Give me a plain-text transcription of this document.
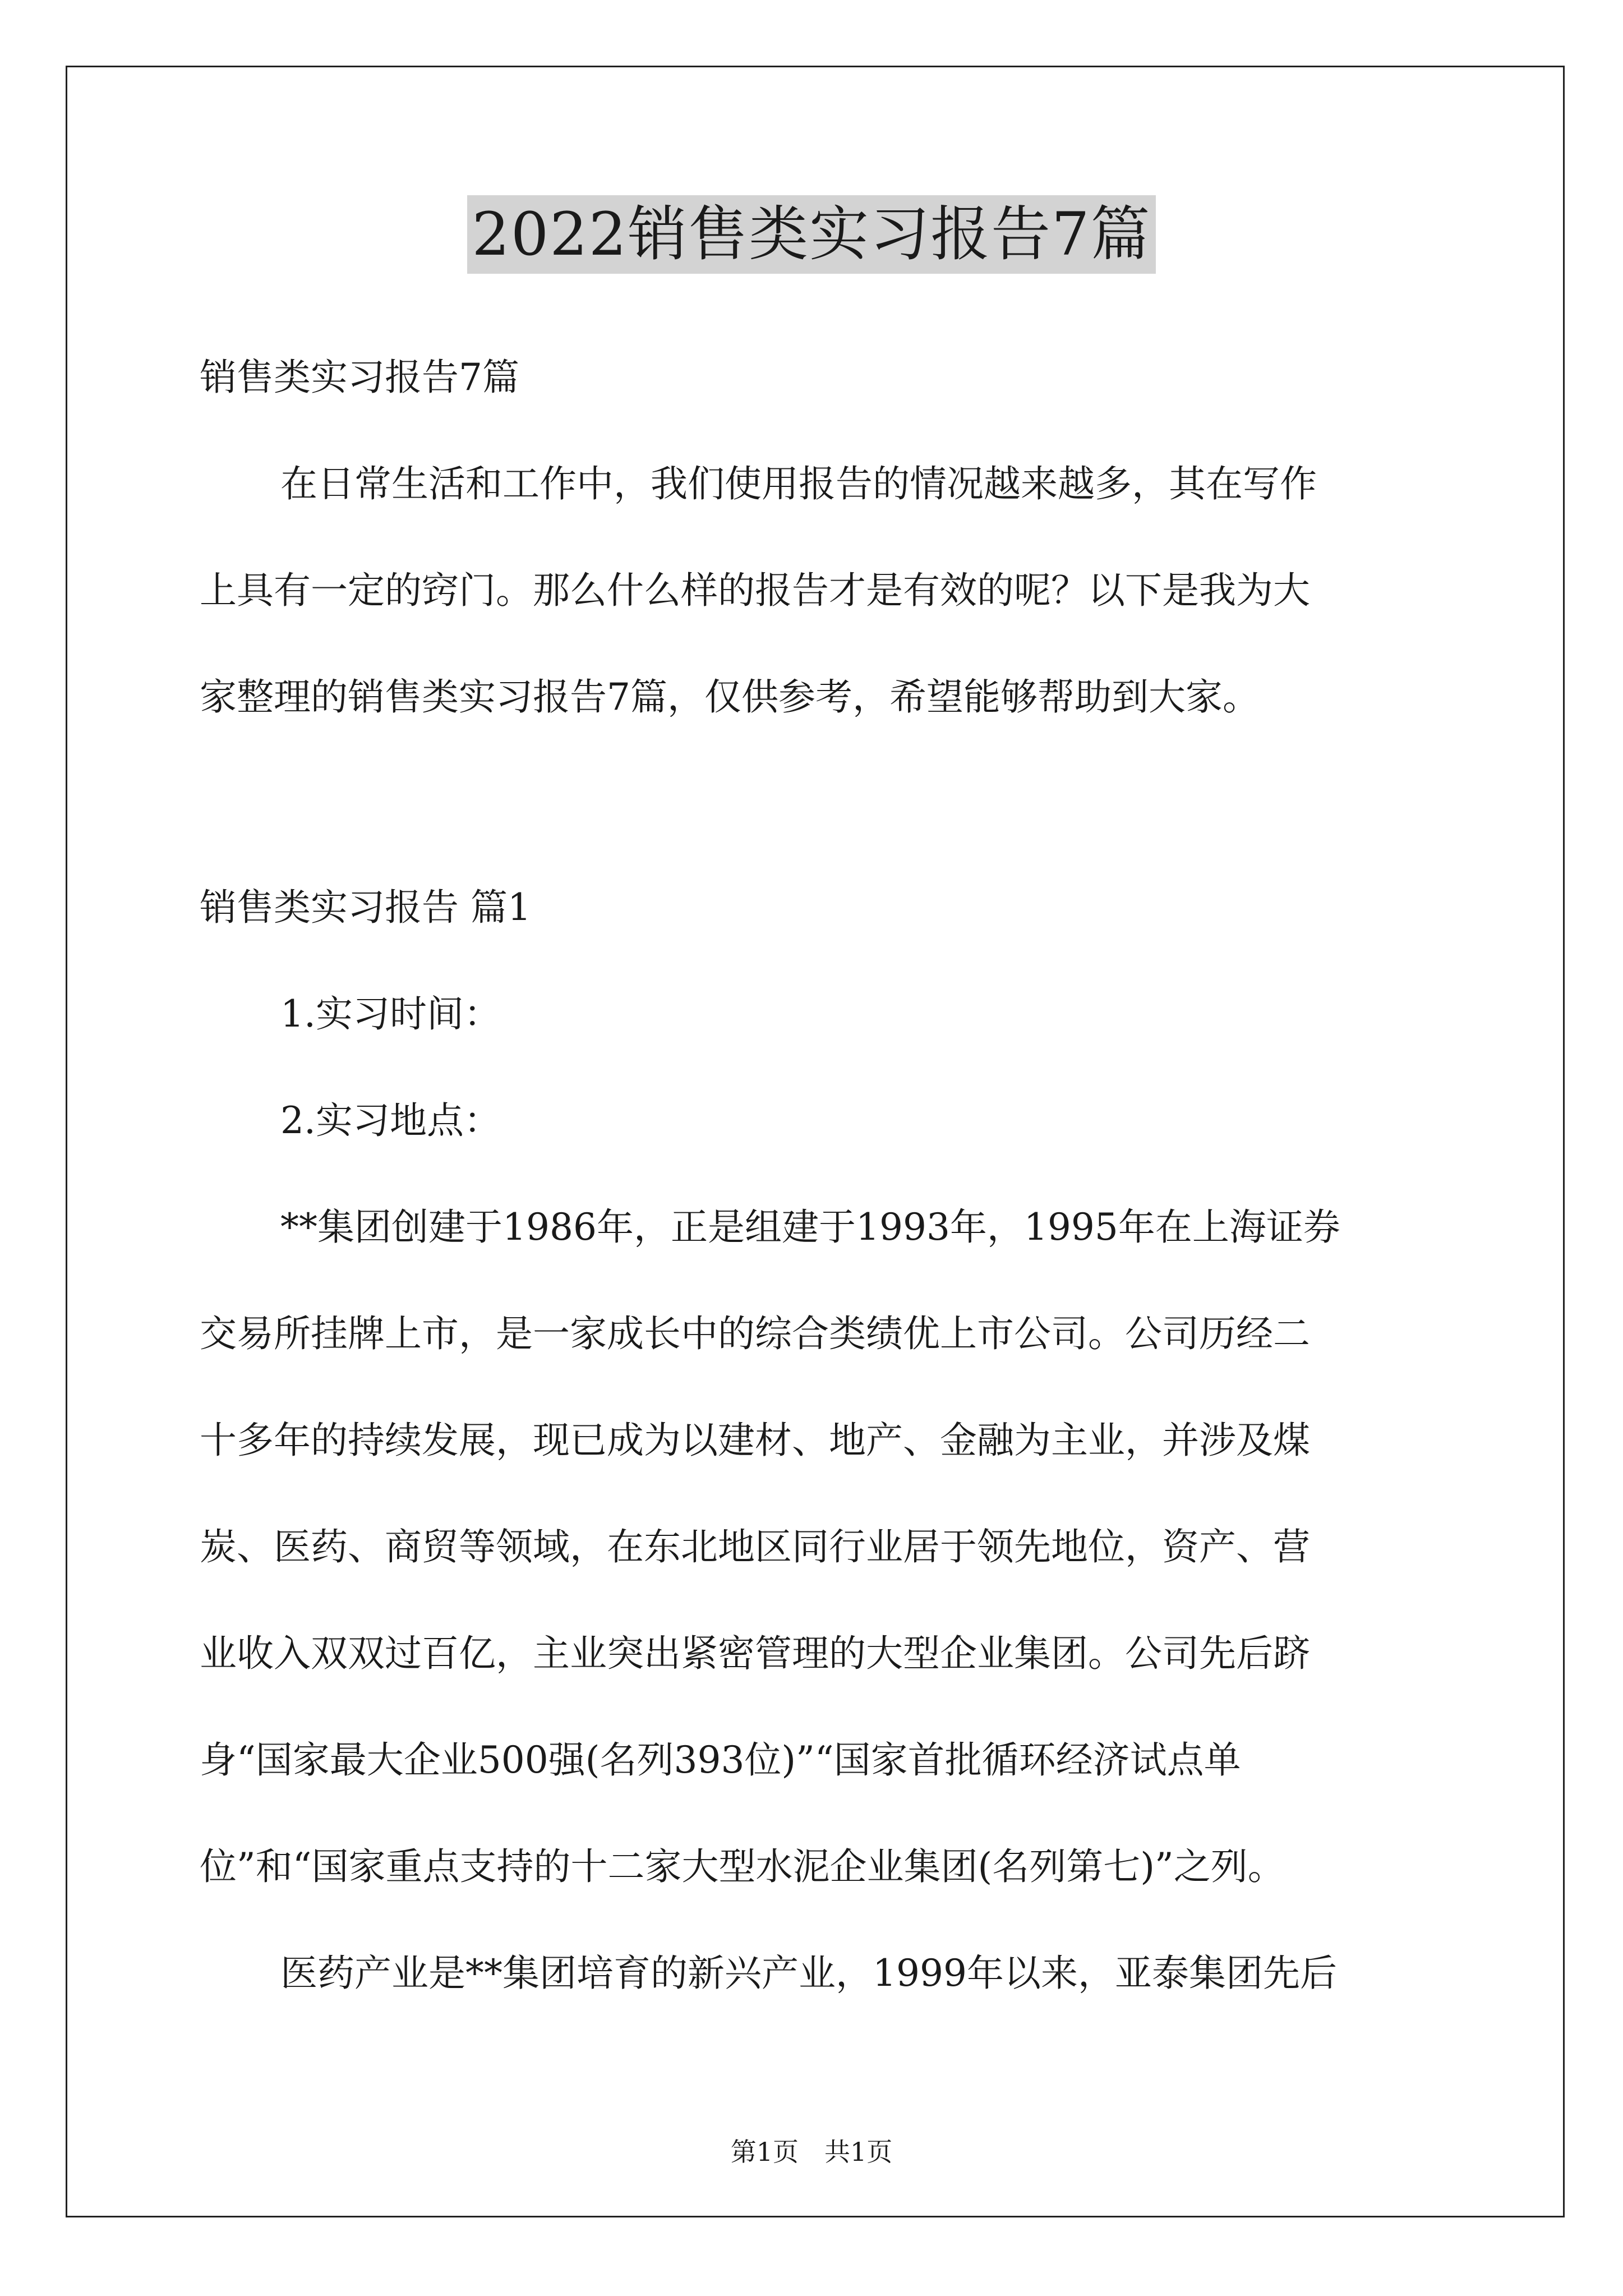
2022销售类实习报告7篇
销售类实习报告7篇
在日常生活和工作中，我们使用报告的情况越来越多，其在写作
上具有一定的窍门。那么什么样的报告才是有效的呢？以下是我为大
家整理的销售类实习报告7篇，仅供参考，希望能够帮助到大家。
销售类实习报告 篇1
1.实习时间：
2.实习地点：
**集团创建于1986年，正是组建于1993年，1995年在上海证券
交易所挂牌上市，是一家成长中的综合类绩优上市公司。公司历经二
十多年的持续发展，现已成为以建材、地产、金融为主业，并涉及煤
炭、医药、商贸等领域，在东北地区同行业居于领先地位，资产、营
业收入双双过百亿，主业突出紧密管理的大型企业集团。公司先后跻
身“国家最大企业500强(名列393位)”“国家首批循环经济试点单
位”和“国家重点支持的十二家大型水泥企业集团(名列第七)”之列。
医药产业是**集团培育的新兴产业，1999年以来，亚泰集团先后
第1页　共1页
